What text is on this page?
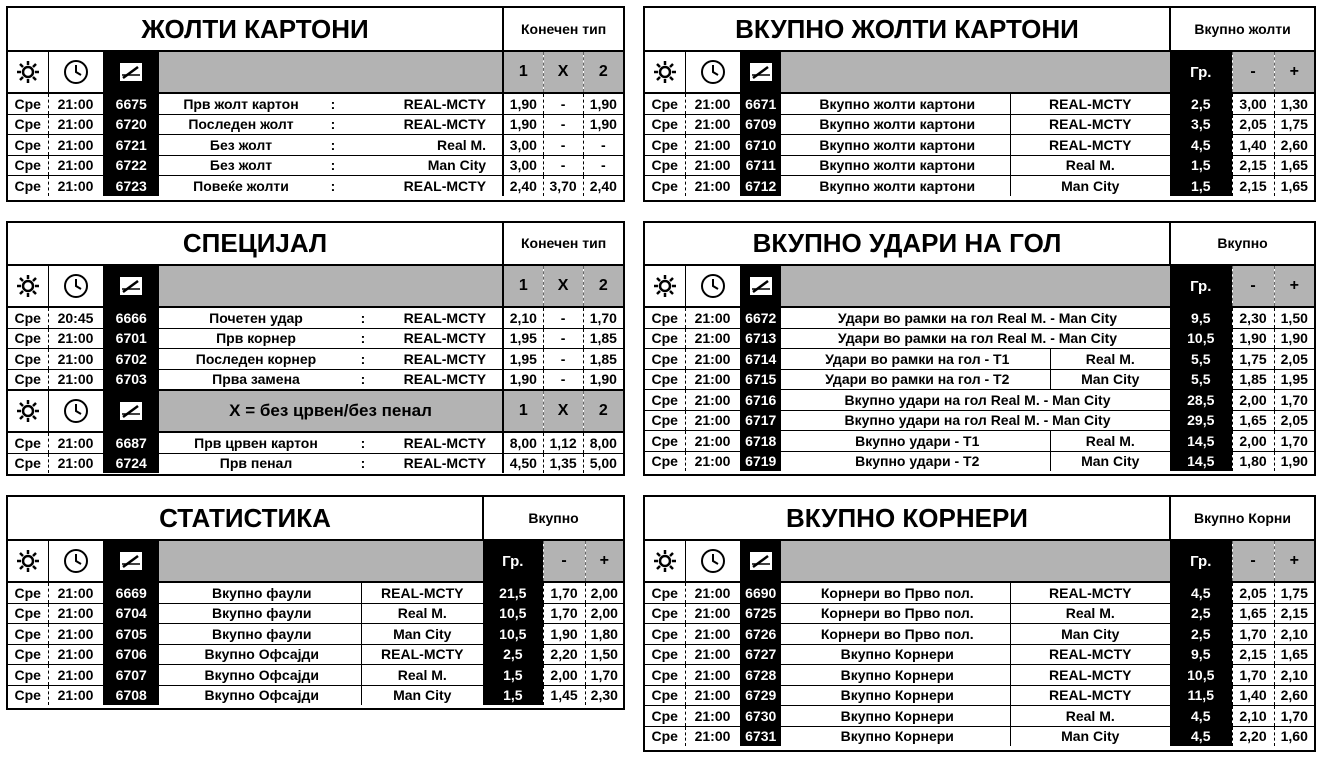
ЖОЛТИ КАРТОНИ						Конечен тип		

		1	X	2
Сре	21:00	6675	Прв жолт картон	:	REAL-MCTY	1,90	-	1,90
Сре	21:00	6720	Последен жолт	:	REAL-MCTY	1,90	-	1,90
Сре	21:00	6721	Без жолт	:	Real M.	3,00	-	-
Сре	21:00	6722	Без жолт	:	Man City	3,00	-	-
Сре	21:00	6723	Повеќе жолти	:	REAL-MCTY	2,40	3,70	2,40
ВКУПНО ЖОЛТИ КАРТОНИ					Вкупно жолти		

		Гр.	-	+
Сре	21:00	6671	Вкупно жолти картони	REAL-MCTY	2,5	3,00	1,30
Сре	21:00	6709	Вкупно жолти картони	REAL-MCTY	3,5	2,05	1,75
Сре	21:00	6710	Вкупно жолти картони	REAL-MCTY	4,5	1,40	2,60
Сре	21:00	6711	Вкупно жолти картони	Real M.	1,5	2,15	1,65
Сре	21:00	6712	Вкупно жолти картони	Man City	1,5	2,15	1,65
СПЕЦИЈАЛ						Конечен тип		

		1	X	2
Сре	20:45	6666	Почетен удар	:	REAL-MCTY	2,10	-	1,70
Сре	21:00	6701	Прв корнер	:	REAL-MCTY	1,95	-	1,85
Сре	21:00	6702	Последен корнер	:	REAL-MCTY	1,95	-	1,85
Сре	21:00	6703	Прва замена	:	REAL-MCTY	1,90	-	1,90

	X = без црвен/без пенал			1	X	2
Сре	21:00	6687	Прв црвен картон	:	REAL-MCTY	8,00	1,12	8,00
Сре	21:00	6724	Прв пенал	:	REAL-MCTY	4,50	1,35	5,00
ВКУПНО УДАРИ НА ГОЛ					Вкупно		

		Гр.	-	+
Сре	21:00	6672	Удари во рамки на гол Real M. - Man City		9,5	2,30	1,50
Сре	21:00	6713	Удари во рамки на гол Real M. - Man City		10,5	1,90	1,90
Сре	21:00	6714	Удари во рамки на гол - Т1	Real M.	5,5	1,75	2,05
Сре	21:00	6715	Удари во рамки на гол - Т2	Man City	5,5	1,85	1,95
Сре	21:00	6716	Вкупно удари на гол Real M. - Man City		28,5	2,00	1,70
Сре	21:00	6717	Вкупно удари на гол Real M. - Man City		29,5	1,65	2,05
Сре	21:00	6718	Вкупно удари - Т1	Real M.	14,5	2,00	1,70
Сре	21:00	6719	Вкупно удари - Т2	Man City	14,5	1,80	1,90
СТАТИСТИКА					Вкупно		

		Гр.	-	+
Сре	21:00	6669	Вкупно фаули	REAL-MCTY	21,5	1,70	2,00
Сре	21:00	6704	Вкупно фаули	Real M.	10,5	1,70	2,00
Сре	21:00	6705	Вкупно фаули	Man City	10,5	1,90	1,80
Сре	21:00	6706	Вкупно Офсајди	REAL-MCTY	2,5	2,20	1,50
Сре	21:00	6707	Вкупно Офсајди	Real M.	1,5	2,00	1,70
Сре	21:00	6708	Вкупно Офсајди	Man City	1,5	1,45	2,30
ВКУПНО КОРНЕРИ					Вкупно Корни		

		Гр.	-	+
Сре	21:00	6690	Корнери во Прво пол.	REAL-MCTY	4,5	2,05	1,75
Сре	21:00	6725	Корнери во Прво пол.	Real M.	2,5	1,65	2,15
Сре	21:00	6726	Корнери во Прво пол.	Man City	2,5	1,70	2,10
Сре	21:00	6727	Вкупно Корнери	REAL-MCTY	9,5	2,15	1,65
Сре	21:00	6728	Вкупно Корнери	REAL-MCTY	10,5	1,70	2,10
Сре	21:00	6729	Вкупно Корнери	REAL-MCTY	11,5	1,40	2,60
Сре	21:00	6730	Вкупно Корнери	Real M.	4,5	2,10	1,70
Сре	21:00	6731	Вкупно Корнери	Man City	4,5	2,20	1,60
